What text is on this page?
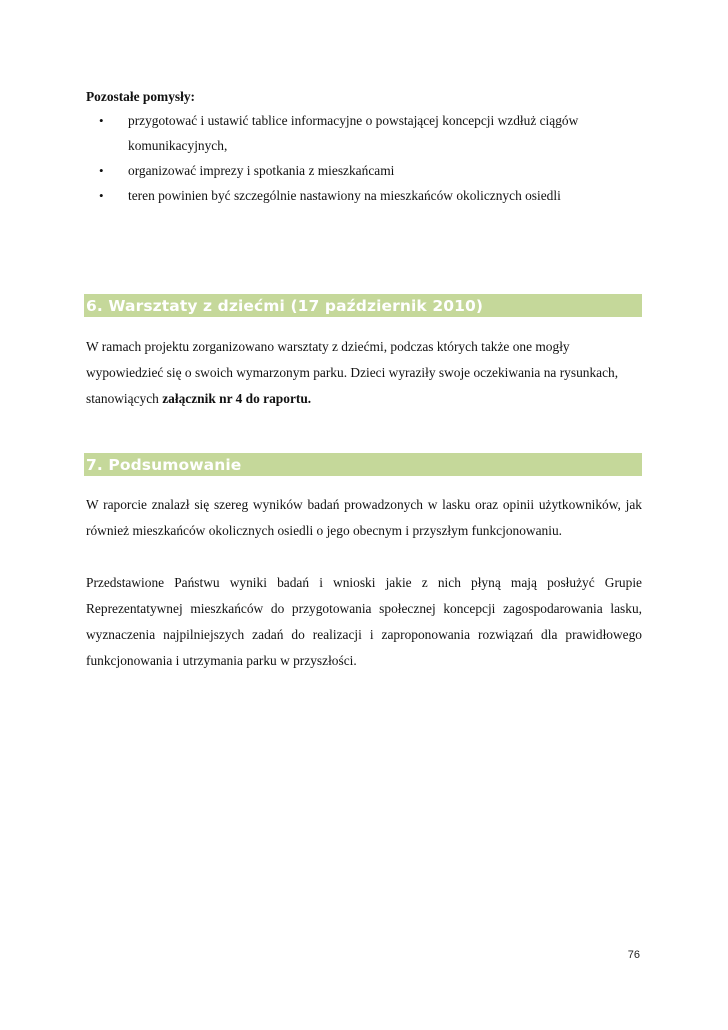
Pozostałe pomysły:
• przygotować i ustawić tablice informacyjne o powstającej koncepcji wzdłuż ciągów komunikacyjnych,
• organizować imprezy i spotkania z mieszkańcami
• teren powinien być szczególnie nastawiony na mieszkańców okolicznych osiedli
6. Warsztaty z dziećmi (17 październik 2010)

W ramach projektu zorganizowano warsztaty z dziećmi, podczas których także one mogły wypowiedzieć się o swoich wymarzonym parku. Dzieci wyraziły swoje oczekiwania na rysunkach, stanowiących załącznik nr 4 do raportu.

7. Podsumowanie

W raporcie znalazł się szereg wyników badań prowadzonych w lasku oraz opinii użytkowników, jak również mieszkańców okolicznych osiedli o jego obecnym i przyszłym funkcjonowaniu.

Przedstawione Państwu wyniki badań i wnioski jakie z nich płyną mają posłużyć Grupie Reprezentatywnej mieszkańców do przygotowania społecznej koncepcji zagospodarowania lasku, wyznaczenia najpilniejszych zadań do realizacji i zaproponowania rozwiązań dla prawidłowego funkcjonowania i utrzymania parku w przyszłości.

76
